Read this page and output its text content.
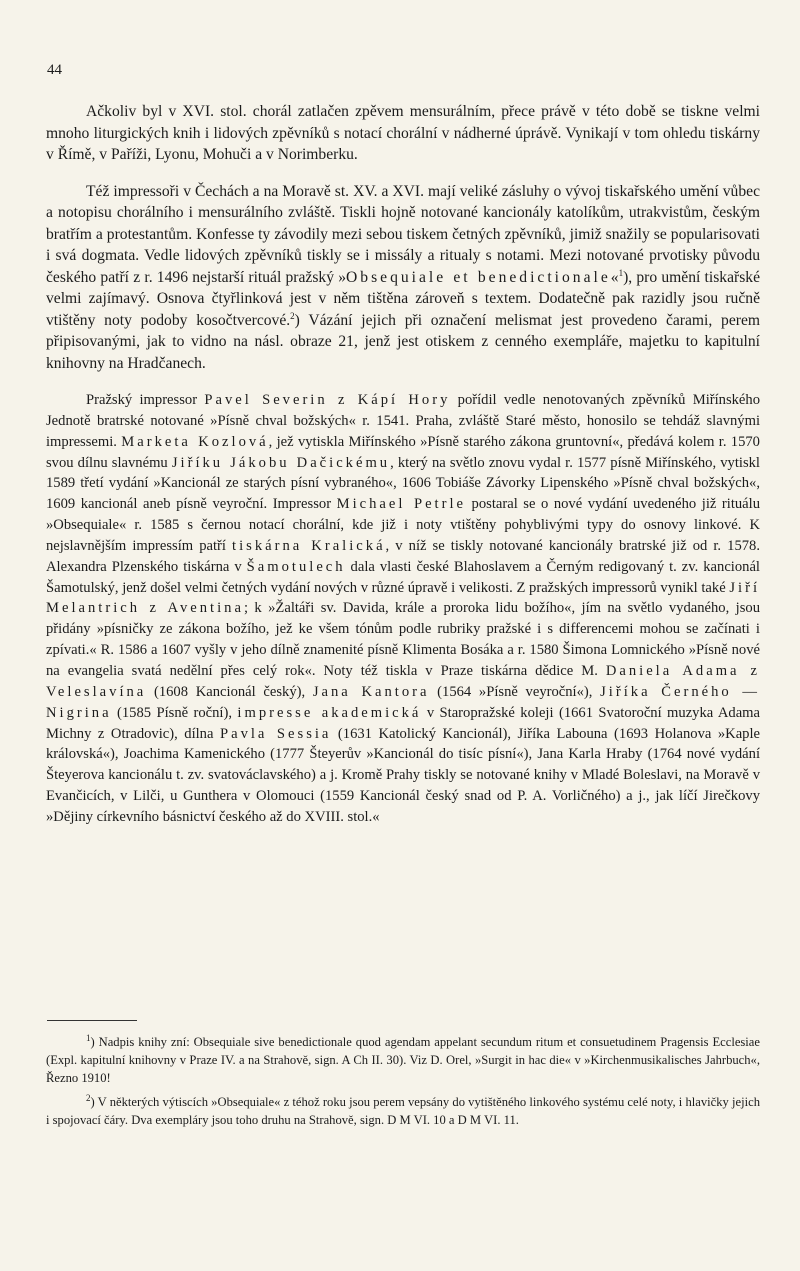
44

Ačkoliv byl v XVI. stol. chorál zatlačen zpěvem mensurálním, přece právě v této době se tiskne velmi mnoho liturgických knih i lidových zpěvníků s notací chorální v nádherné úprávě. Vynikají v tom ohledu tiskárny v Římě, v Paříži, Lyonu, Mohuči a v Norimberku.

Též impressoři v Čechách a na Moravě st. XV. a XVI. mají veliké zásluhy o vývoj tiskařského umění vůbec a notopisu chorálního i mensurálního zvláště. Tiskli hojně notované kancionály katolíkům, utrakvistům, českým bratřím a protestantům. Konfesse ty závodily mezi sebou tiskem četných zpěvníků, jimiž snažily se popularisovati i svá dogmata. Vedle lidových zpěvníků tiskly se i missály a ritualy s notami. Mezi notované prvotisky původu českého patří z r. 1496 nejstarší rituál pražský »Obsequiale et benedictionale«$^1$), pro umění tiskařské velmi zajímavý. Osnova čtyřlinková jest v něm tištěna zároveň s textem. Dodatečně pak razidly jsou ručně vtištěny noty podoby kosočtvercové.$^2$) Vázání jejich při označení melismat jest provedeno čarami, perem připisovanými, jak to vidno na násl. obraze 21, jenž jest otiskem z cenného exempláře, majetku to kapitulní knihovny na Hradčanech.

Pražský impressor Pavel Severin z Kápí Hory pořídil vedle nenotovaných zpěvníků Miřínského Jednotě bratrské notované »Písně chval božských« r. 1541. Praha, zvláště Staré město, honosilo se tehdáž slavnými impressemi. Marketa Kozlová, jež vytiskla Miřínského »Písně starého zákona gruntovní«, předává kolem r. 1570 svou dílnu slavnému Jiříku Jákobu Dačickému, který na světlo znovu vydal r. 1577 písně Miřínského, vytiskl 1589 třetí vydání »Kancionál ze starých písní vybraného«, 1606 Tobiáše Závorky Lipenského »Písně chval božských«, 1609 kancionál aneb písně veyroční. Impressor Michael Petrle postaral se o nové vydání uvedeného již rituálu »Obsequiale« r. 1585 s černou notací chorální, kde již i noty vtištěny pohyblivými typy do osnovy linkové. K nejslavnějším impressím patří tiskárna Kralická, v níž se tiskly notované kancionály bratrské již od r. 1578. Alexandra Plzenského tiskárna v Šamotulech dala vlasti české Blahoslavem a Černým redigovaný t. zv. kancionál Šamotulský, jenž došel velmi četných vydání nových v různé úpravě i velikosti. Z pražských impressorů vynikl také Jiří Melantrich z Aventina; k »Žaltáři sv. Davida, krále a proroka lidu božího«, jím na světlo vydaného, jsou přidány »písničky ze zákona božího, jež ke všem tónům podle rubriky pražské i s differencemi mohou se začínati i zpívati.« R. 1586 a 1607 vyšly v jeho dílně znamenité písně Klimenta Bosáka a r. 1580 Šimona Lomnického »Písně nové na evangelia svatá nedělní přes celý rok«. Noty též tiskla v Praze tiskárna dědice M. Daniela Adama z Veleslavína (1608 Kancionál český), Jana Kantora (1564 »Písně veyroční«), Jiříka Černého — Nigrina (1585 Písně roční), impresse akademická v Staropražské koleji (1661 Svatoroční muzyka Adama Michny z Otradovic), dílna Pavla Sessia (1631 Katolický Kancionál), Jiříka Labouna (1693 Holanova »Kaple královská«), Joachima Kamenického (1777 Šteyerův »Kancionál do tisíc písní«), Jana Karla Hraby (1764 nové vydání Šteyerova kancionálu t. zv. svatováclavského) a j. Kromě Prahy tiskly se notované knihy v Mladé Boleslavi, na Moravě v Evančicích, v Lilči, u Gunthera v Olomouci (1559 Kancionál český snad od P. A. Vorličného) a j., jak líčí Jirečkovy »Dějiny církevního básnictví českého až do XVIII. stol.«

$^1$) Nadpis knihy zní: Obsequiale sive benedictionale quod agendam appelant secundum ritum et consuetudinem Pragensis Ecclesiae (Expl. kapitulní knihovny v Praze IV. a na Strahově, sign. A Ch II. 30). Viz D. Orel, »Surgit in hac die« v »Kirchenmusikalisches Jahrbuch«, Řezno 1910!

$^2$) V některých výtiscích »Obsequiale« z téhož roku jsou perem vepsány do vytištěného linkového systému celé noty, i hlavičky jejich i spojovací čáry. Dva exempláry jsou toho druhu na Strahově, sign. D M VI. 10 a D M VI. 11.
